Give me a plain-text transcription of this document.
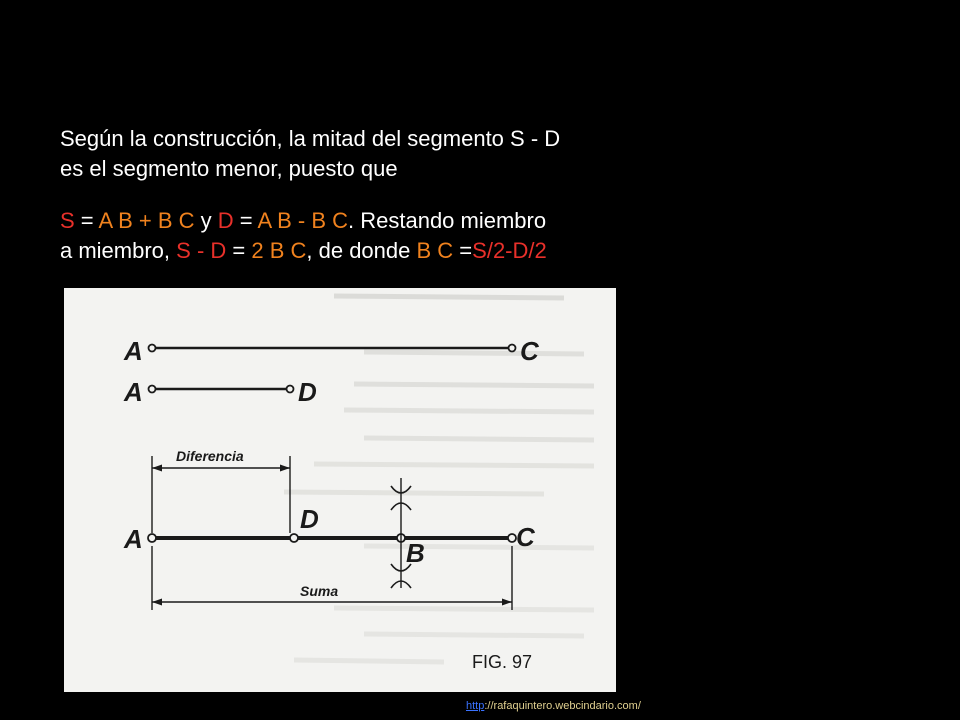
Según la construcción, la mitad del segmento S - D
es el segmento menor, puesto que

S = A B + B C y D = A B - B C. Restando miembro
a miembro, S - D = 2 B C, de donde B C =S/2-D/2

A	C
A	D
Diferencia
A
D
B
C
Suma
FIG. 97
http://rafaquintero.webcindario.com/
